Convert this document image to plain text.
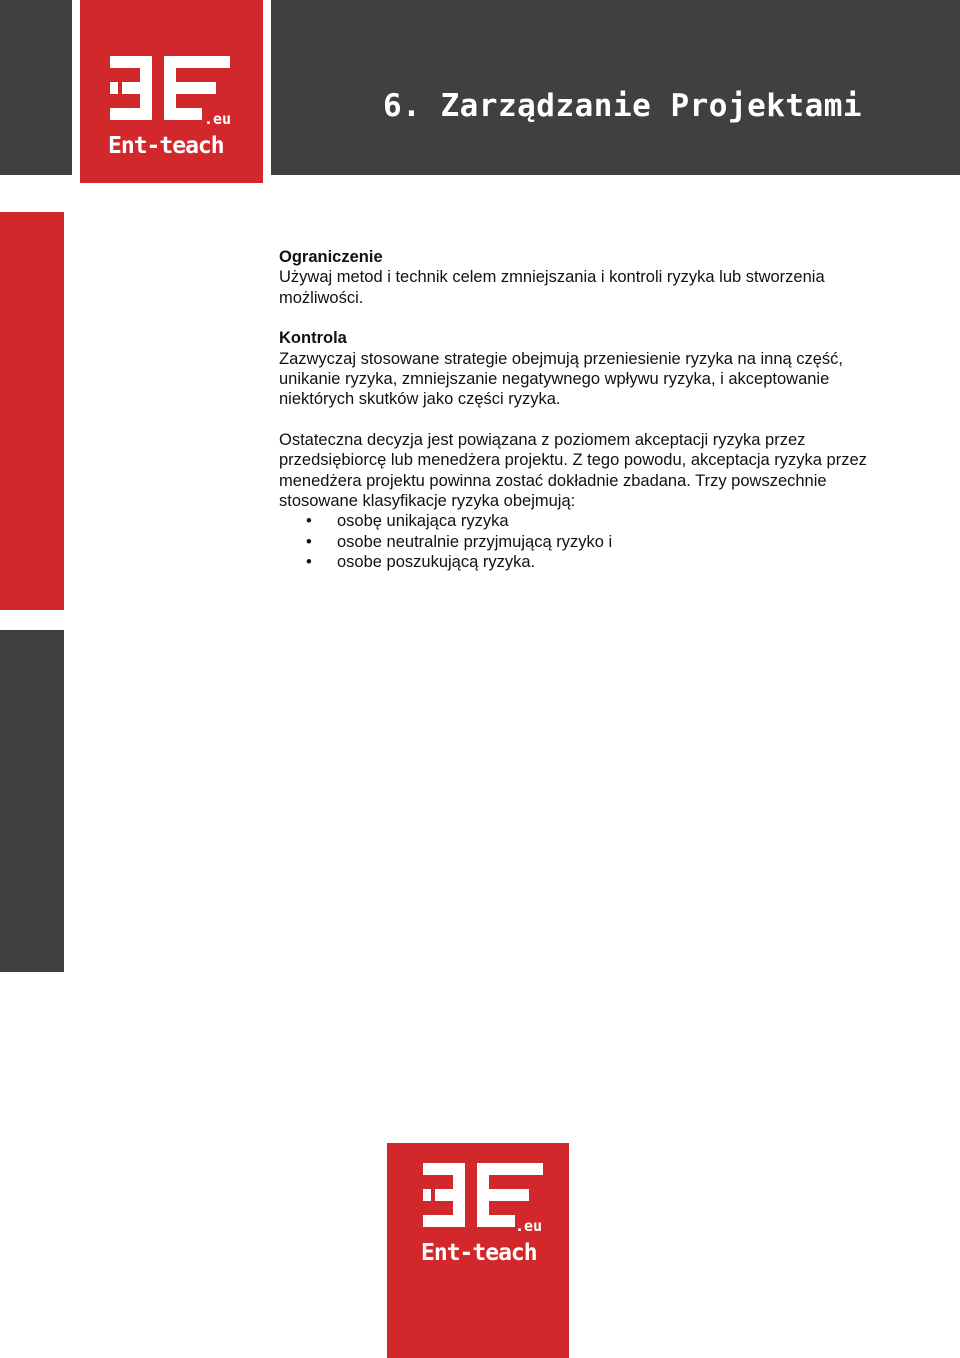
.eu
Ent-teach
6. Zarządzanie Projektami

Ograniczenie

Używaj metod i technik celem zmniejszania i kontroli ryzyka lub stworzenia możliwości.

Kontrola

Zazwyczaj stosowane strategie obejmują przeniesienie ryzyka na inną część, unikanie ryzyka, zmniejszanie negatywnego wpływu ryzyka, i akceptowanie niektórych skutków jako części ryzyka.

Ostateczna decyzja jest powiązana z poziomem akceptacji ryzyka przez przedsiębiorcę lub menedżera projektu. Z tego powodu, akceptacja ryzyka przez menedżera projektu powinna zostać dokładnie zbadana. Trzy powszechnie stosowane klasyfikacje ryzyka obejmują:

• osobę unikająca ryzyka
• osobe neutralnie przyjmującą ryzyko i
• osobe poszukującą ryzyka.
.eu
Ent-teach
